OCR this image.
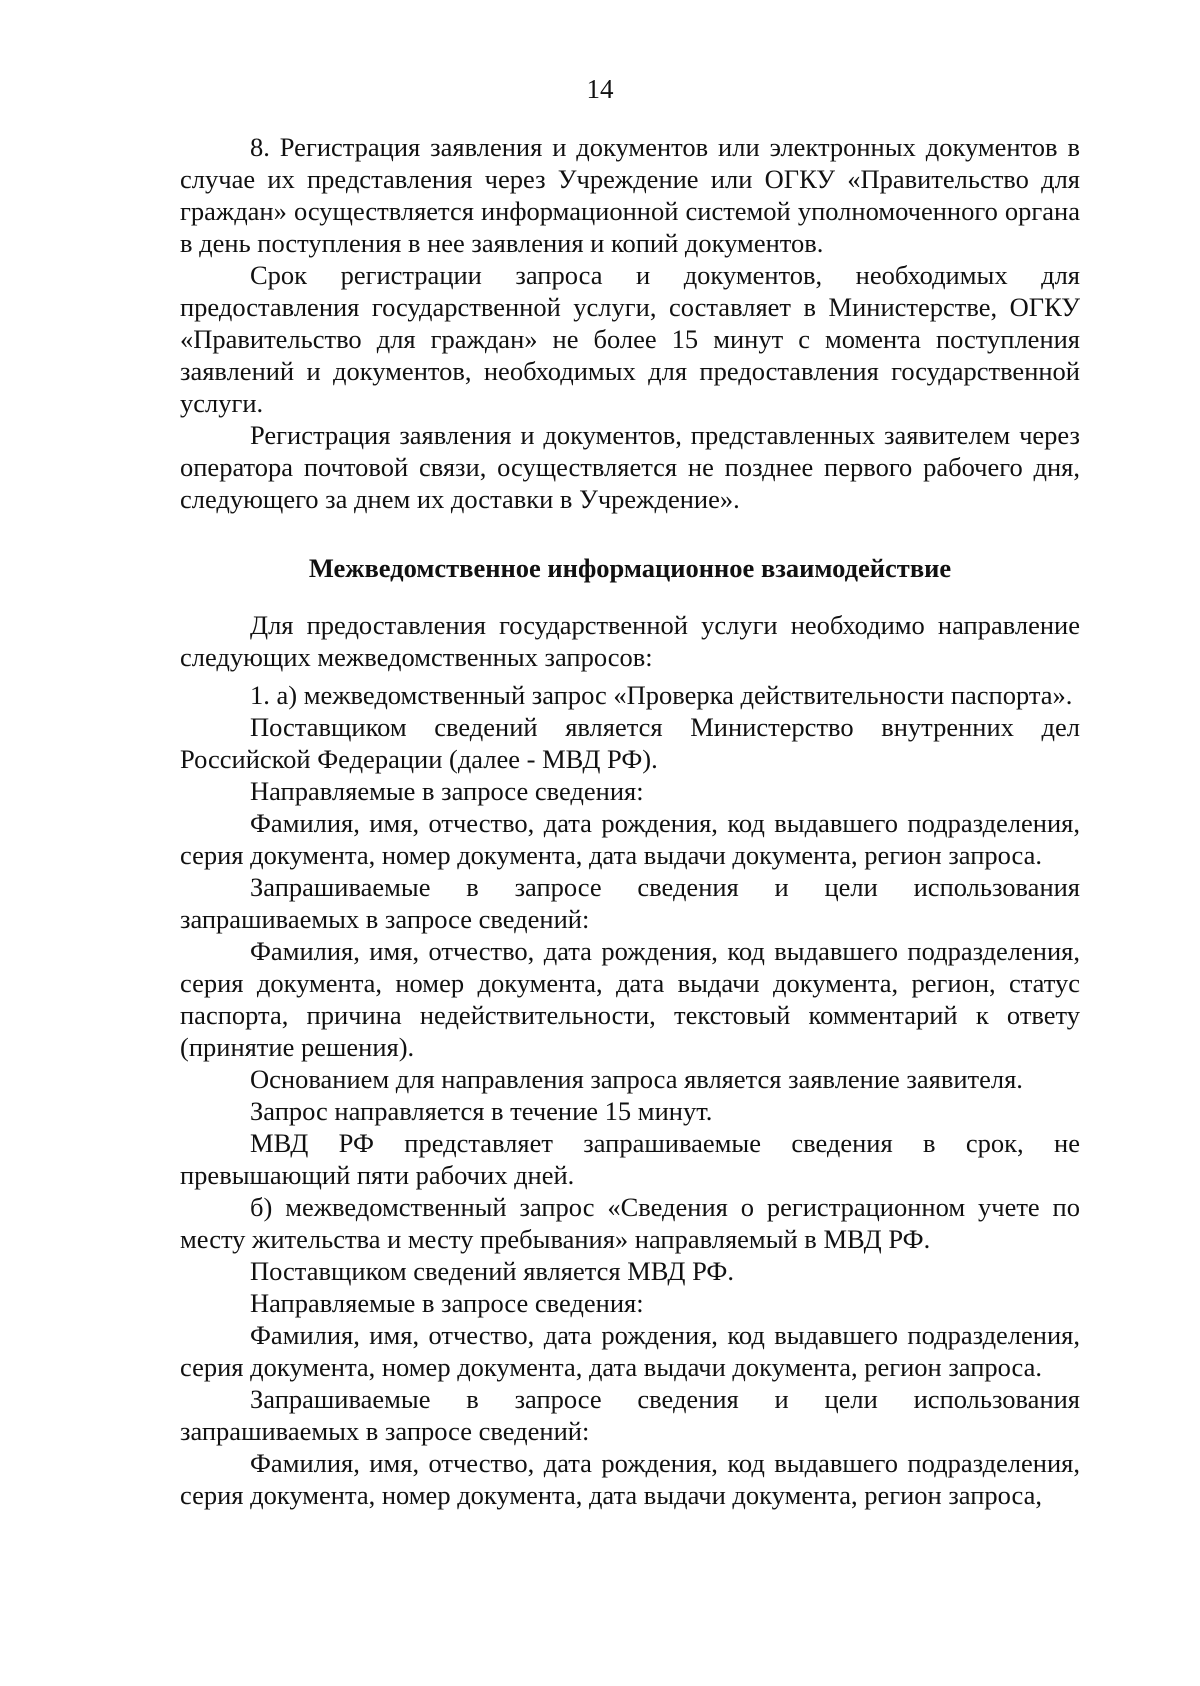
14

8. Регистрация заявления и документов или электронных документов в случае их представления через Учреждение или ОГКУ «Правительство для граждан» осуществляется информационной системой уполномоченного органа в день поступления в нее заявления и копий документов.

Срок регистрации запроса и документов, необходимых для предоставления государственной услуги, составляет в Министерстве, ОГКУ «Правительство для граждан» не более 15 минут с момента поступления заявлений и документов, необходимых для предоставления государственной услуги.

Регистрация заявления и документов, представленных заявителем через оператора почтовой связи, осуществляется не позднее первого рабочего дня, следующего за днем их доставки в Учреждение».

Межведомственное информационное взаимодействие

Для предоставления государственной услуги необходимо направление следующих межведомственных запросов:

1. а) межведомственный запрос «Проверка действительности паспорта».

Поставщиком сведений является Министерство внутренних дел Российской Федерации (далее - МВД РФ).

Направляемые в запросе сведения:

Фамилия, имя, отчество, дата рождения, код выдавшего подразделения, серия документа, номер документа, дата выдачи документа, регион запроса.

Запрашиваемые в запросе сведения и цели использования запрашиваемых в запросе сведений:

Фамилия, имя, отчество, дата рождения, код выдавшего подразделения, серия документа, номер документа, дата выдачи документа, регион, статус паспорта, причина недействительности, текстовый комментарий к ответу (принятие решения).

Основанием для направления запроса является заявление заявителя.

Запрос направляется в течение 15 минут.

МВД РФ представляет запрашиваемые сведения в срок, не превышающий пяти рабочих дней.

б) межведомственный запрос «Сведения о регистрационном учете по месту жительства и месту пребывания» направляемый в МВД РФ.

Поставщиком сведений является МВД РФ.

Направляемые в запросе сведения:

Фамилия, имя, отчество, дата рождения, код выдавшего подразделения, серия документа, номер документа, дата выдачи документа, регион запроса.

Запрашиваемые в запросе сведения и цели использования запрашиваемых в запросе сведений:

Фамилия, имя, отчество, дата рождения, код выдавшего подразделения, серия документа, номер документа, дата выдачи документа, регион запроса,
